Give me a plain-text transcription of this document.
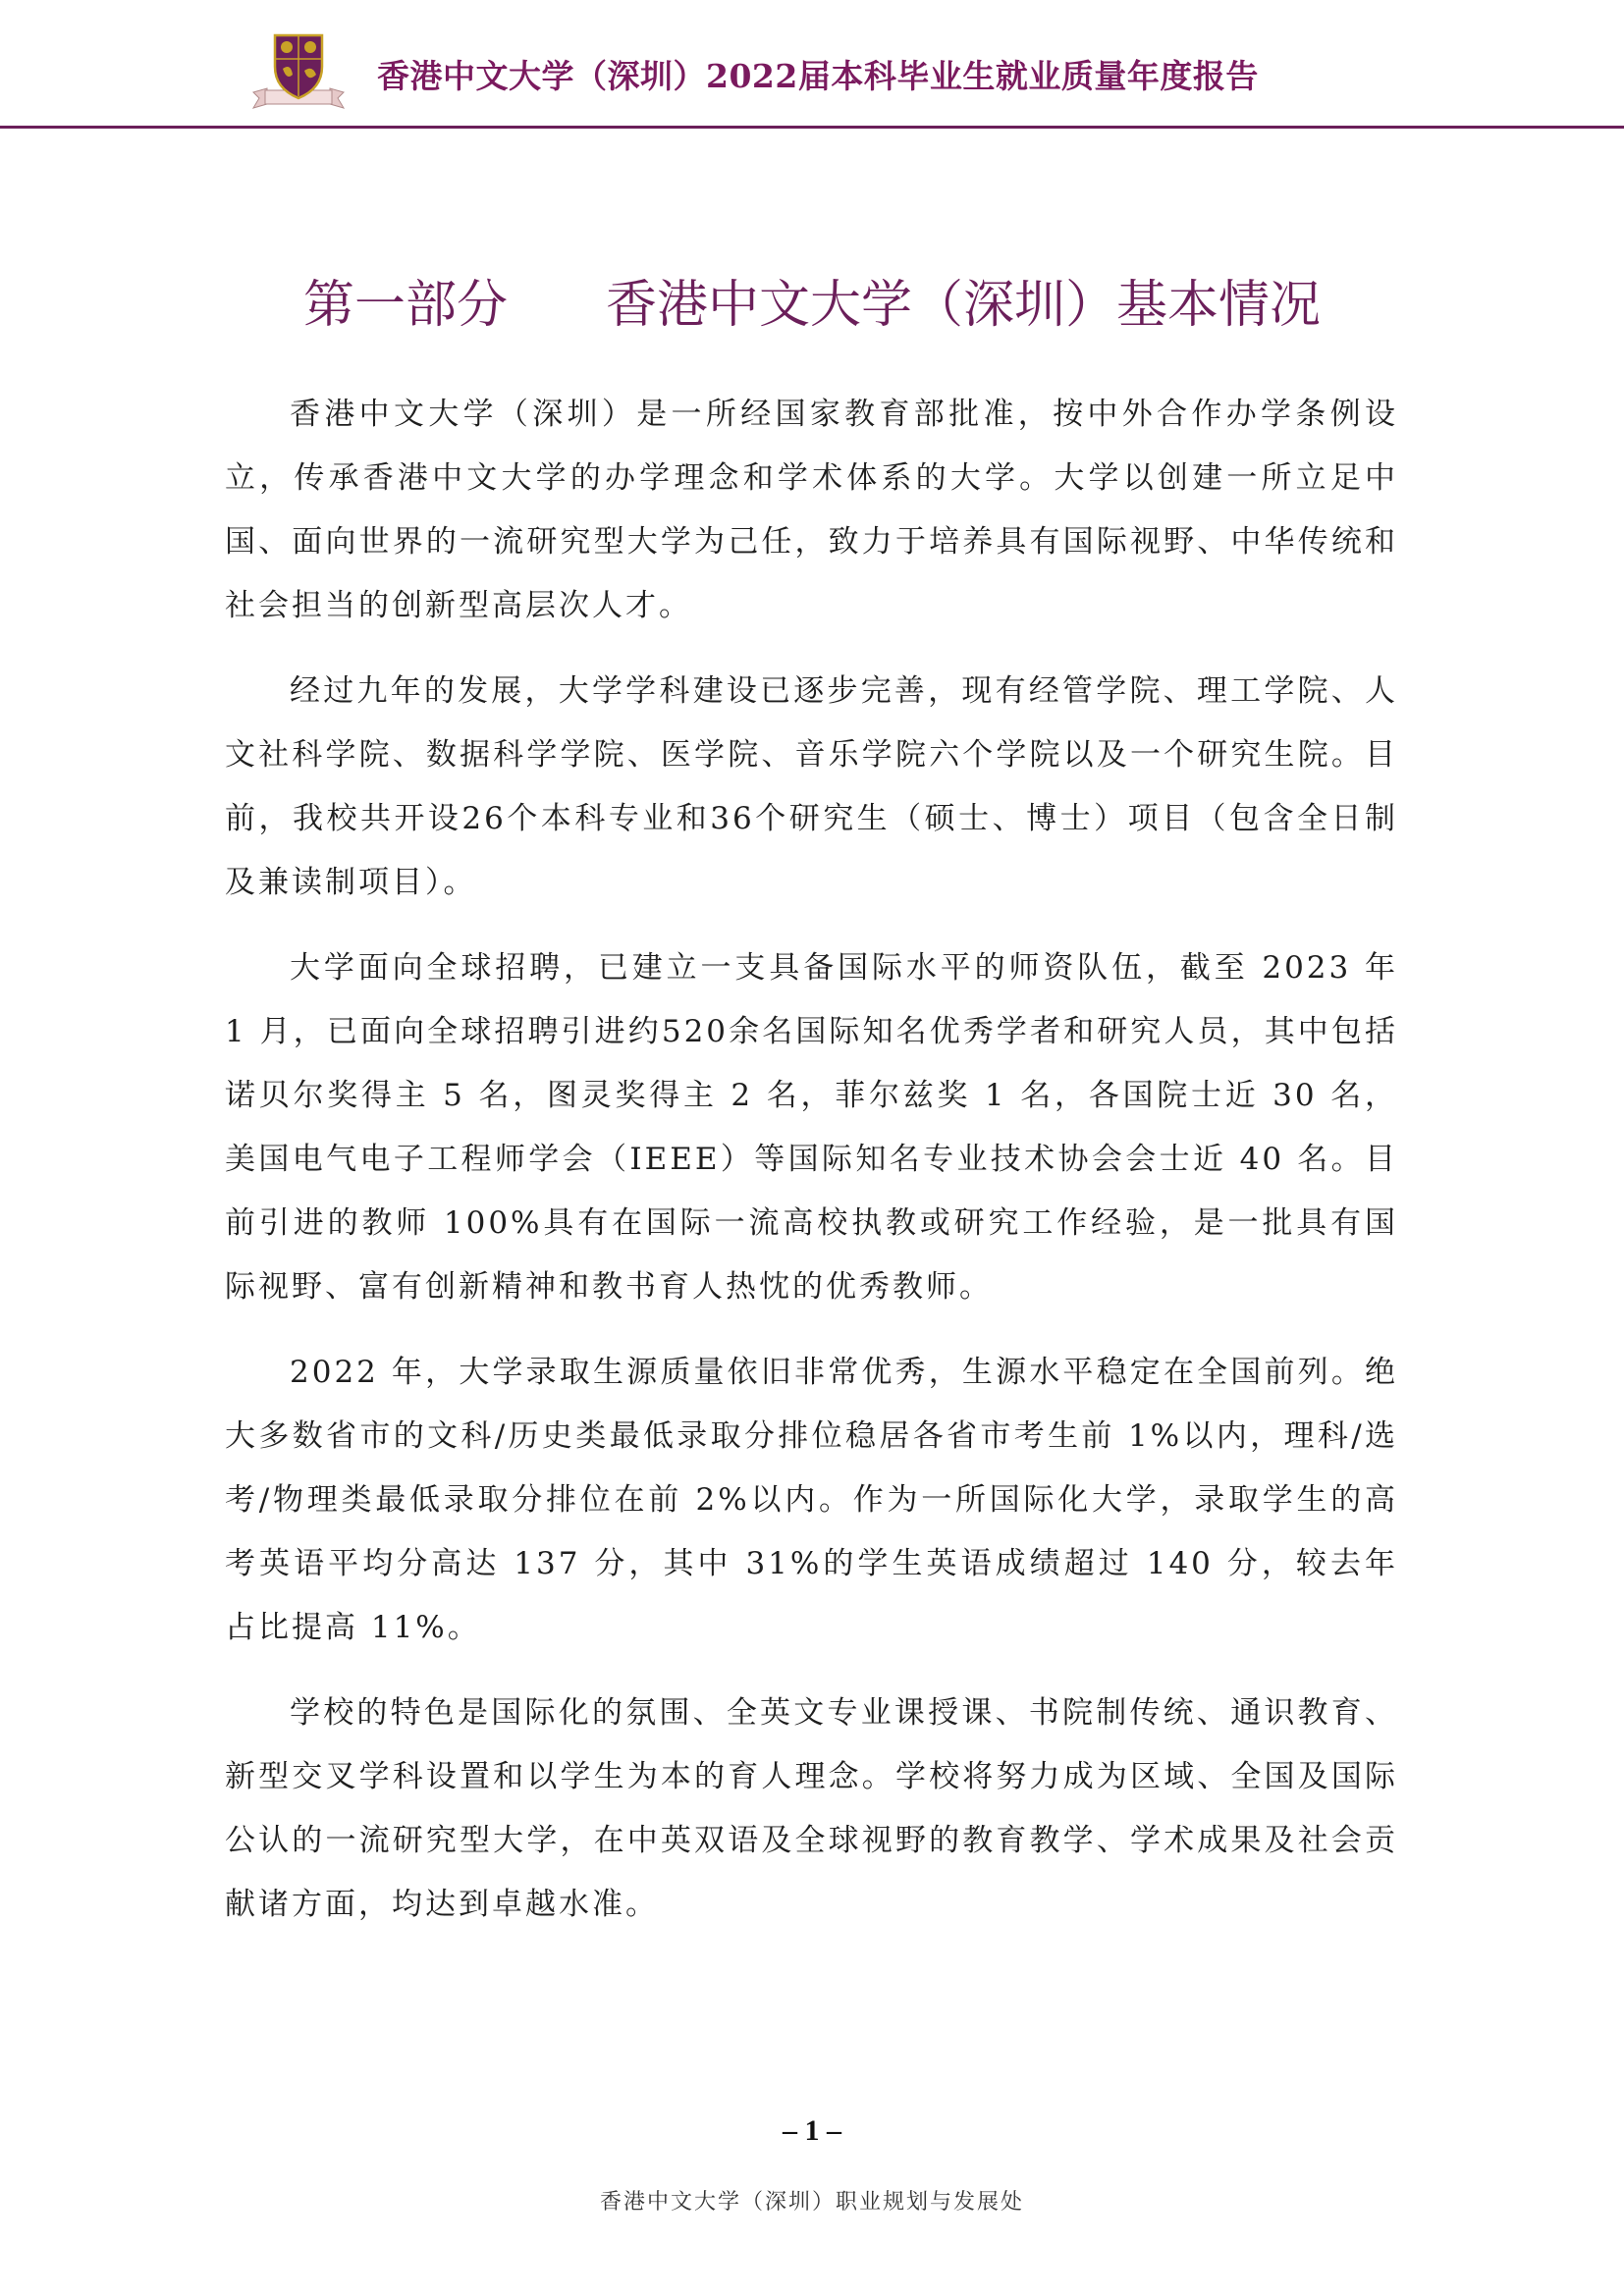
香港中文大学（深圳）2022届本科毕业生就业质量年度报告
第一部分 香港中文大学（深圳）基本情况

香港中文大学（深圳）是一所经国家教育部批准，按中外合作办学条例设立，传承香港中文大学的办学理念和学术体系的大学。大学以创建一所立足中国、面向世界的一流研究型大学为己任，致力于培养具有国际视野、中华传统和社会担当的创新型高层次人才。

经过九年的发展，大学学科建设已逐步完善，现有经管学院、理工学院、人文社科学院、数据科学学院、医学院、音乐学院六个学院以及一个研究生院。目前，我校共开设26个本科专业和36个研究生（硕士、博士）项目（包含全日制及兼读制项目）。

大学面向全球招聘，已建立一支具备国际水平的师资队伍，截至 2023 年 1 月，已面向全球招聘引进约520余名国际知名优秀学者和研究人员，其中包括诺贝尔奖得主 5 名，图灵奖得主 2 名，菲尔兹奖 1 名，各国院士近 30 名，美国电气电子工程师学会（IEEE）等国际知名专业技术协会会士近 40 名。目前引进的教师 100%具有在国际一流高校执教或研究工作经验，是一批具有国际视野、富有创新精神和教书育人热忱的优秀教师。

2022 年，大学录取生源质量依旧非常优秀，生源水平稳定在全国前列。绝大多数省市的文科/历史类最低录取分排位稳居各省市考生前 1%以内，理科/选考/物理类最低录取分排位在前 2%以内。作为一所国际化大学，录取学生的高考英语平均分高达 137 分，其中 31%的学生英语成绩超过 140 分，较去年占比提高 11%。

学校的特色是国际化的氛围、全英文专业课授课、书院制传统、通识教育、新型交叉学科设置和以学生为本的育人理念。学校将努力成为区域、全国及国际公认的一流研究型大学，在中英双语及全球视野的教育教学、学术成果及社会贡献诸方面，均达到卓越水准。

– 1 –
香港中文大学（深圳）职业规划与发展处
